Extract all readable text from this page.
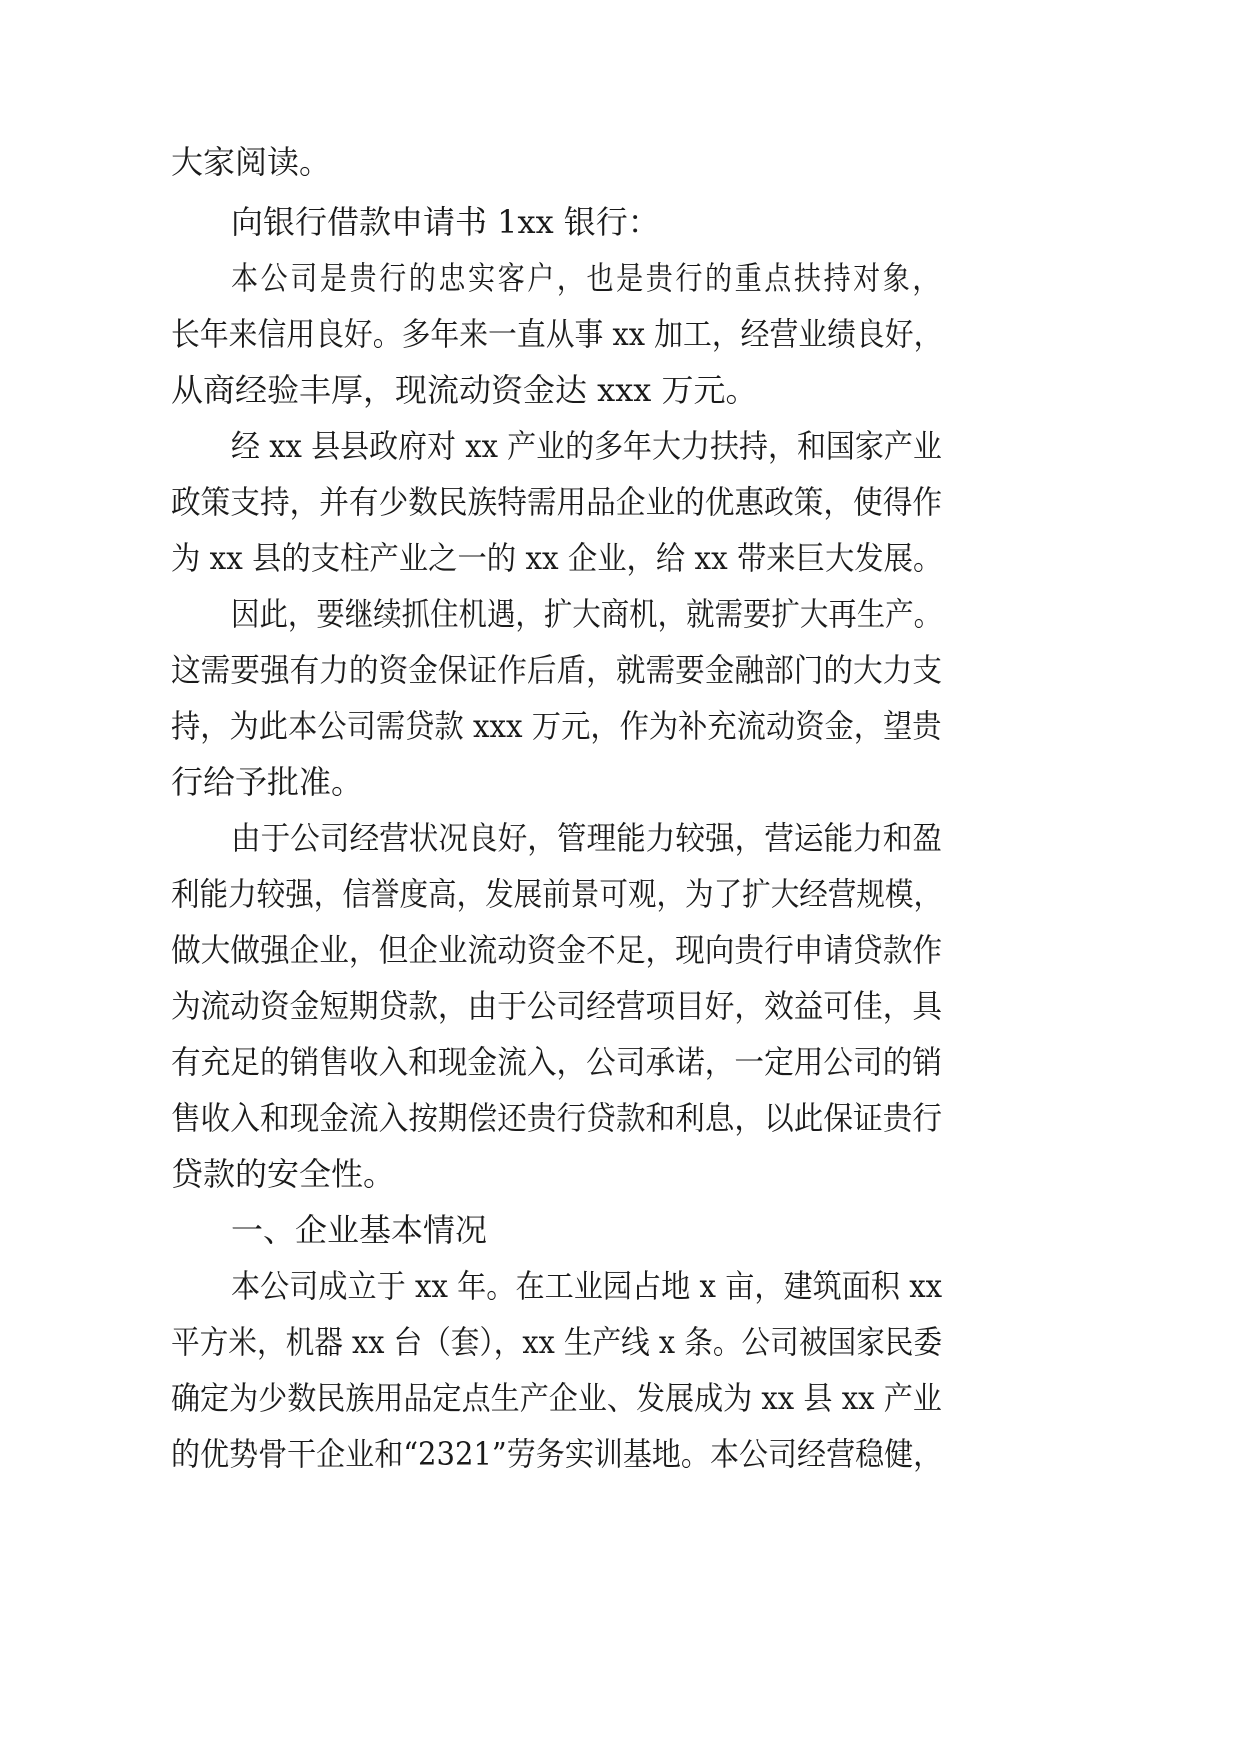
大家阅读。
向银行借款申请书 1xx 银行：
本公司是贵行的忠实客户，也是贵行的重点扶持对象，
长年来信用良好。多年来一直从事 xx 加工，经营业绩良好，
从商经验丰厚，现流动资金达 xxx 万元。
经 xx 县县政府对 xx 产业的多年大力扶持，和国家产业
政策支持，并有少数民族特需用品企业的优惠政策，使得作
为 xx 县的支柱产业之一的 xx 企业，给 xx 带来巨大发展。
因此，要继续抓住机遇，扩大商机，就需要扩大再生产。
这需要强有力的资金保证作后盾，就需要金融部门的大力支
持，为此本公司需贷款 xxx 万元，作为补充流动资金，望贵
行给予批准。
由于公司经营状况良好，管理能力较强，营运能力和盈
利能力较强，信誉度高，发展前景可观，为了扩大经营规模，
做大做强企业，但企业流动资金不足，现向贵行申请贷款作
为流动资金短期贷款，由于公司经营项目好，效益可佳，具
有充足的销售收入和现金流入，公司承诺，一定用公司的销
售收入和现金流入按期偿还贵行贷款和利息，以此保证贵行
贷款的安全性。
一、企业基本情况
本公司成立于 xx 年。在工业园占地 x 亩，建筑面积 xx
平方米，机器 xx 台（套），xx 生产线 x 条。公司被国家民委
确定为少数民族用品定点生产企业、发展成为 xx 县 xx 产业
的优势骨干企业和“2321”劳务实训基地。本公司经营稳健，
